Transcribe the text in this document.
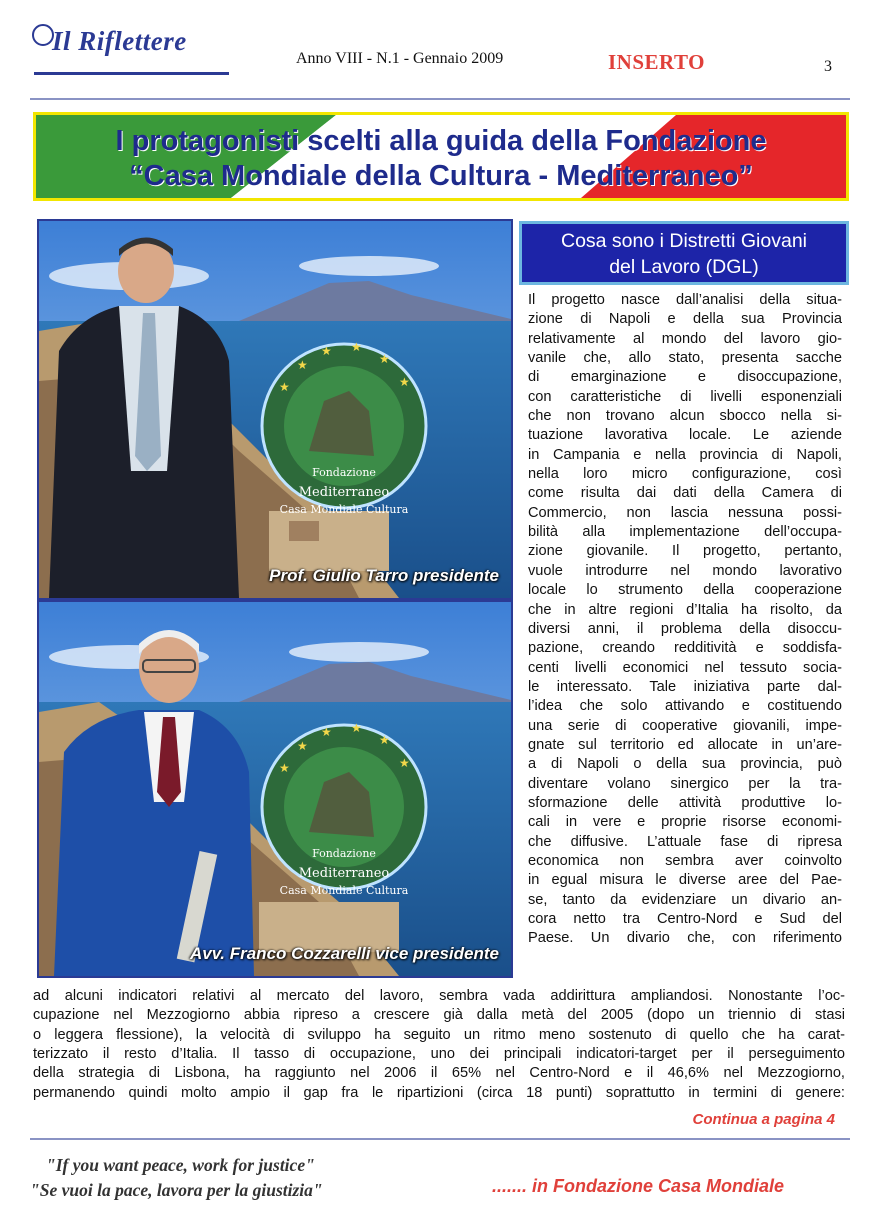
Il Riflettere
Anno VIII - N.1 - Gennaio 2009	INSERTO	3
I protagonisti scelti alla guida della Fondazione
“Casa Mondiale della Cultura - Mediterraneo”
Fondazione
Mediterraneo
Casa Mondiale Cultura
★
★
★ ★
★
★
Prof. Giulio Tarro presidente
Fondazione
Mediterraneo
Casa Mondiale Cultura
★
★
★ ★
★
★
Avv. Franco Cozzarelli vice presidente
Cosa sono i Distretti Giovani
del Lavoro (DGL)
Il progetto nasce dall’analisi della situa-
zione di Napoli e della sua Provincia
relativamente al mondo del lavoro gio-
vanile che, allo stato, presenta sacche
di emarginazione e disoccupazione,
con caratteristiche di livelli esponenziali
che non trovano alcun sbocco nella si-
tuazione lavorativa locale. Le aziende
in Campania e nella provincia di Napoli,
nella loro micro configurazione, così
come risulta dai dati della Camera di
Commercio, non lascia nessuna possi-
bilità alla implementazione dell’occupa-
zione giovanile. Il progetto, pertanto,
vuole introdurre nel mondo lavorativo
locale lo strumento della cooperazione
che in altre regioni d’Italia ha risolto, da
diversi anni, il problema della disoccu-
pazione, creando redditività e soddisfa-
centi livelli economici nel tessuto socia-
le interessato. Tale iniziativa parte dal-
l’idea che solo attivando e costituendo
una serie di cooperative giovanili, impe-
gnate sul territorio ed allocate in un’are-
a di Napoli o della sua provincia, può
diventare volano sinergico per la tra-
sformazione delle attività produttive lo-
cali in vere e proprie risorse economi-
che diffusive. L’attuale fase di ripresa
economica non sembra aver coinvolto
in egual misura le diverse aree del Pae-
se, tanto da evidenziare un divario an-
cora netto tra Centro-Nord e Sud del
Paese. Un divario che, con riferimento
ad alcuni indicatori relativi al mercato del lavoro, sembra vada addirittura ampliandosi. Nonostante l’oc-
cupazione nel Mezzogiorno abbia ripreso a crescere già dalla metà del 2005 (dopo un triennio di stasi
o leggera flessione), la velocità di sviluppo ha seguito un ritmo meno sostenuto di quello che ha carat-
terizzato il resto d’Italia. Il tasso di occupazione, uno dei principali indicatori-target per il perseguimento
della strategia di Lisbona, ha raggiunto nel 2006 il 65% nel Centro-Nord e il 46,6% nel Mezzogiorno,
permanendo quindi molto ampio il gap fra le ripartizioni (circa 18 punti) soprattutto in termini di genere:
Continua a pagina 4
"If you want peace, work for justice"
"Se vuoi la pace, lavora per la giustizia"	....... in Fondazione Casa Mondiale
